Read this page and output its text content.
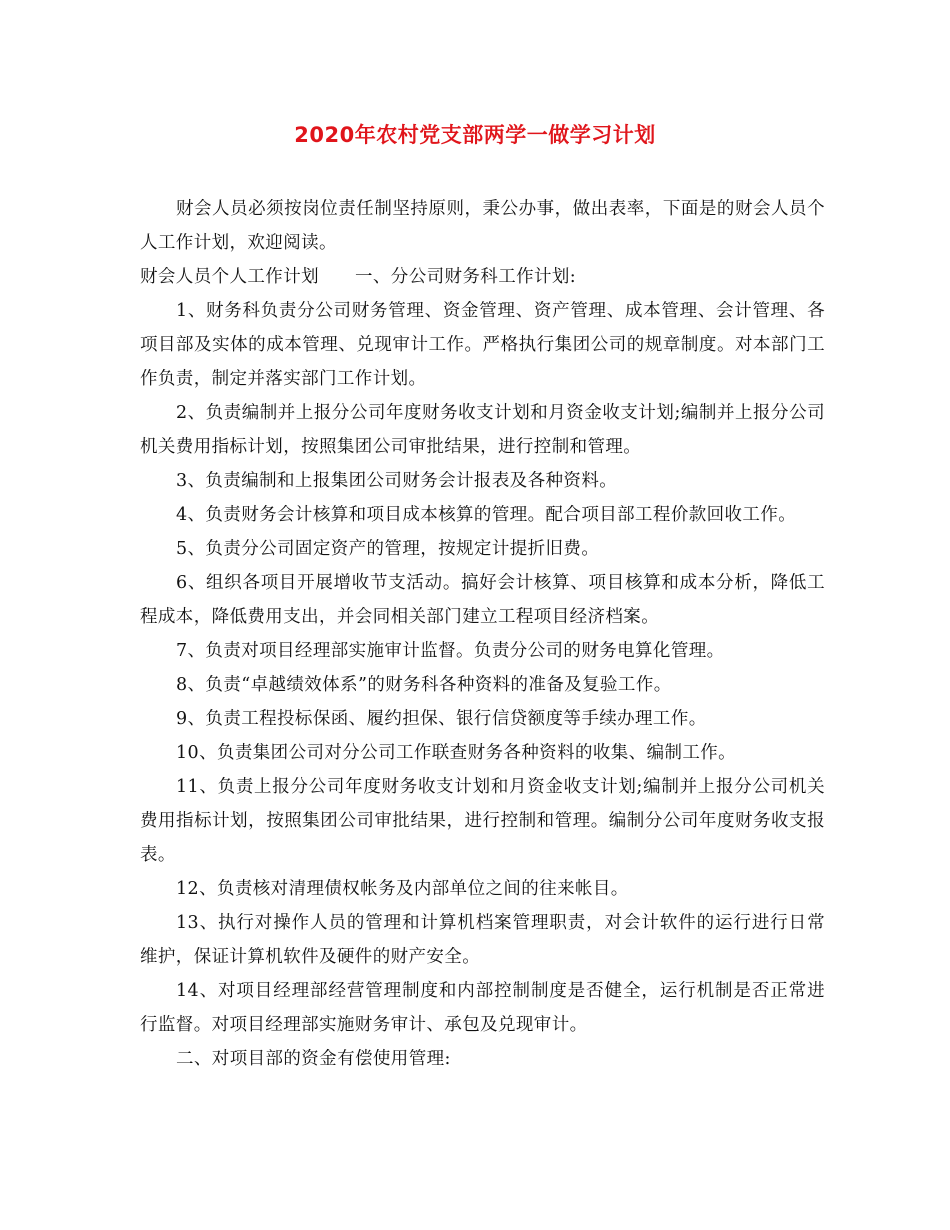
2020年农村党支部两学一做学习计划

财会人员必须按岗位责任制坚持原则，秉公办事，做出表率，下面是的财会人员个人工作计划，欢迎阅读。

财会人员个人工作计划 一、分公司财务科工作计划:

1、财务科负责分公司财务管理、资金管理、资产管理、成本管理、会计管理、各项目部及实体的成本管理、兑现审计工作。严格执行集团公司的规章制度。对本部门工作负责，制定并落实部门工作计划。

2、负责编制并上报分公司年度财务收支计划和月资金收支计划;编制并上报分公司机关费用指标计划，按照集团公司审批结果，进行控制和管理。

3、负责编制和上报集团公司财务会计报表及各种资料。

4、负责财务会计核算和项目成本核算的管理。配合项目部工程价款回收工作。

5、负责分公司固定资产的管理，按规定计提折旧费。

6、组织各项目开展增收节支活动。搞好会计核算、项目核算和成本分析，降低工程成本，降低费用支出，并会同相关部门建立工程项目经济档案。

7、负责对项目经理部实施审计监督。负责分公司的财务电算化管理。

8、负责“卓越绩效体系”的财务科各种资料的准备及复验工作。

9、负责工程投标保函、履约担保、银行信贷额度等手续办理工作。

10、负责集团公司对分公司工作联查财务各种资料的收集、编制工作。

11、负责上报分公司年度财务收支计划和月资金收支计划;编制并上报分公司机关费用指标计划，按照集团公司审批结果，进行控制和管理。编制分公司年度财务收支报表。

12、负责核对清理债权帐务及内部单位之间的往来帐目。

13、执行对操作人员的管理和计算机档案管理职责，对会计软件的运行进行日常维护，保证计算机软件及硬件的财产安全。

14、对项目经理部经营管理制度和内部控制制度是否健全，运行机制是否正常进行监督。对项目经理部实施财务审计、承包及兑现审计。

二、对项目部的资金有偿使用管理:
